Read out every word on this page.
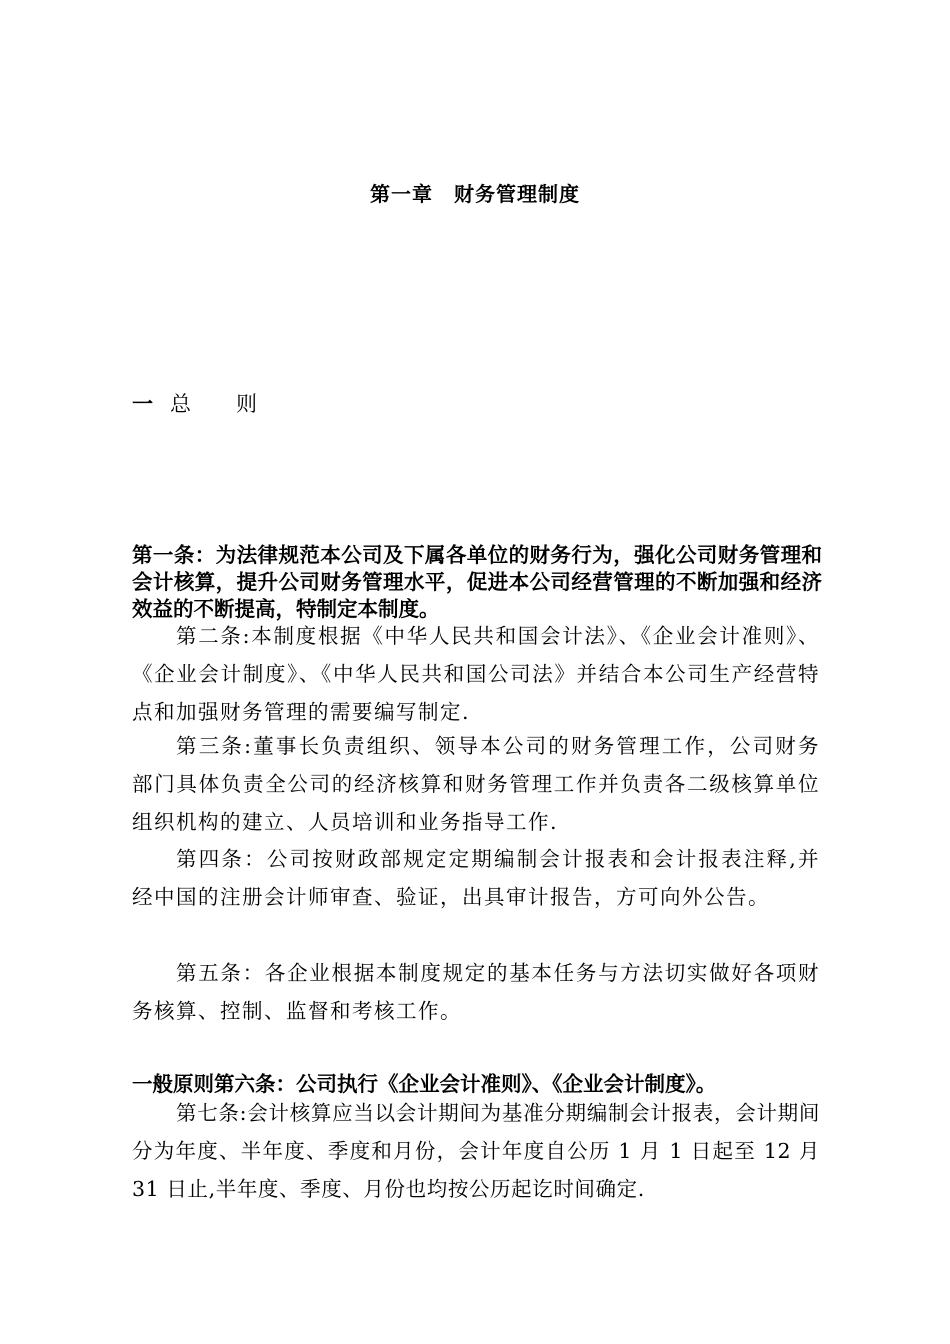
第一章　财务管理制度
一 总 则
第一条：为法律规范本公司及下属各单位的财务行为，强化公司财务管理和会计核算，提升公司财务管理水平，促进本公司经营管理的不断加强和经济效益的不断提高，特制定本制度。
第二条:本制度根据《中华人民共和国会计法》、《企业会计准则》、《企业会计制度》、《中华人民共和国公司法》并结合本公司生产经营特点和加强财务管理的需要编写制定.
第三条:董事长负责组织、领导本公司的财务管理工作，公司财务部门具体负责全公司的经济核算和财务管理工作并负责各二级核算单位组织机构的建立、人员培训和业务指导工作.
第四条：公司按财政部规定定期编制会计报表和会计报表注释,并经中国的注册会计师审查、验证，出具审计报告，方可向外公告。
第五条：各企业根据本制度规定的基本任务与方法切实做好各项财务核算、控制、监督和考核工作。
一般原则第六条：公司执行《企业会计准则》、《企业会计制度》。
第七条:会计核算应当以会计期间为基准分期编制会计报表，会计期间分为年度、半年度、季度和月份，会计年度自公历 1 月 1 日起至 12 月 31 日止,半年度、季度、月份也均按公历起讫时间确定.
